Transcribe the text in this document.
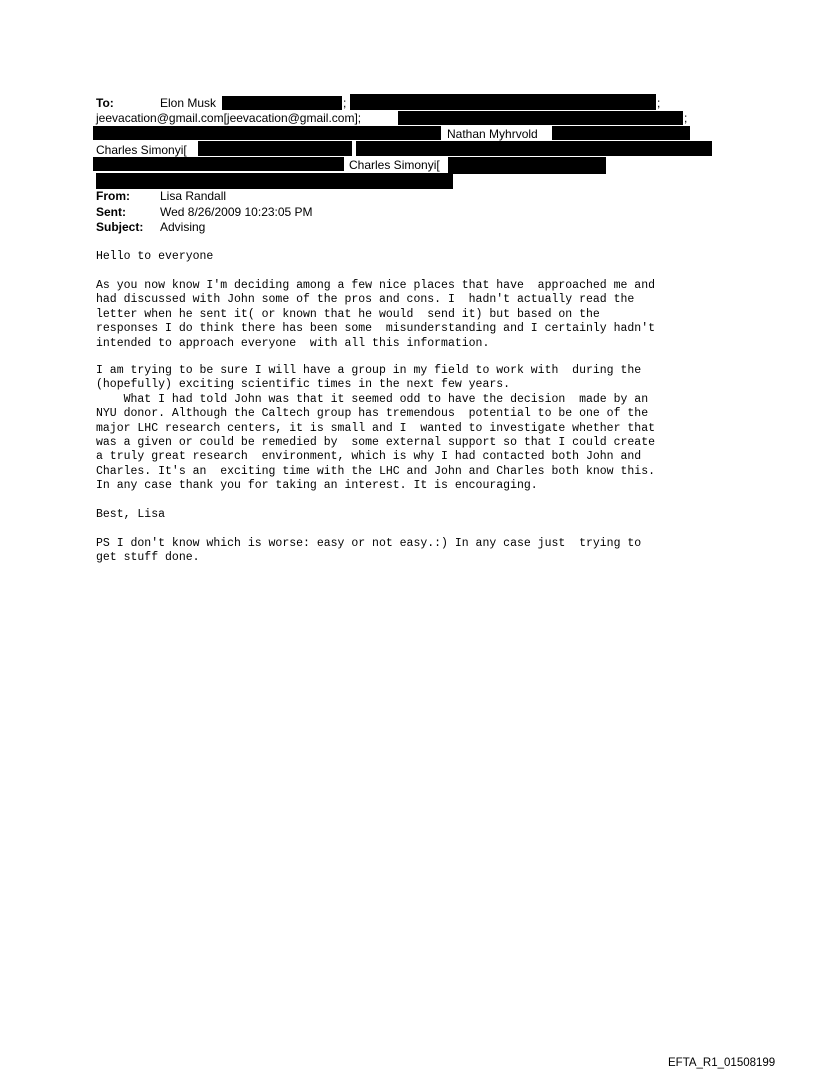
To:	Elon Musk	;	;
jeevacation@gmail.com[jeevacation@gmail.com];	;
Nathan Myhrvold
Charles Simonyi[
Charles Simonyi[
From:	Lisa Randall
Sent:	Wed 8/26/2009 10:23:05 PM
Subject: Advising
Hello to everyone
As you now know I'm deciding among a few nice places that have  approached me and
had discussed with John some of the pros and cons. I  hadn't actually read the
letter when he sent it( or known that he would  send it) but based on the
responses I do think there has been some  misunderstanding and I certainly hadn't
intended to approach everyone  with all this information.
I am trying to be sure I will have a group in my field to work with  during the
(hopefully) exciting scientific times in the next few years.
What I had told John was that it seemed odd to have the decision  made by an
NYU donor. Although the Caltech group has tremendous  potential to be one of the
major LHC research centers, it is small and I  wanted to investigate whether that
was a given or could be remedied by  some external support so that I could create
a truly great research  environment, which is why I had contacted both John and
Charles. It's an  exciting time with the LHC and John and Charles both know this.
In any case thank you for taking an interest. It is encouraging.
Best, Lisa
PS I don't know which is worse: easy or not easy.:) In any case just  trying to
get stuff done.
EFTA_R1_01508199
